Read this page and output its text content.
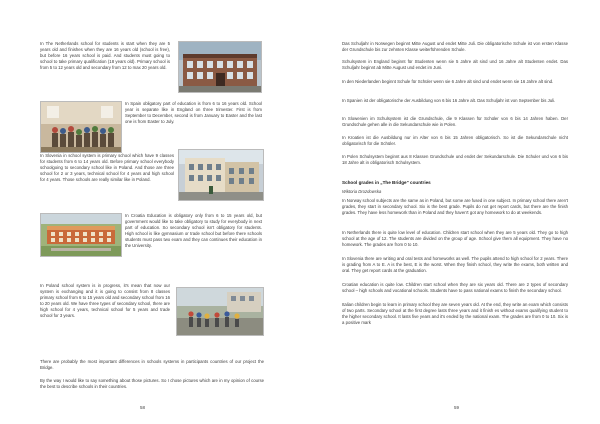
In The Netherlands school for students is start when they are 5 years old and finishes when they are 16 years old (school is free), but before 16 years school is paid. And students must going to school to take primary qualification (18 years old). Primary school is from 5 to 12 years old and secondary from 12 to max 20 years old.

In Spain obligatory part of education is from 6 to 16 years old. School year is separate like in England on three trimester. First is from September to December, second is from January to Easter and the last one is from Easter to July.

In Slovenia in school system is primary school which have 9 classes for students from 6 to 14 years old. Before primary school everybody schoolgoing to secondary school like in Poland. And those are three school for 2 or 3 years, technical school for 4 years and high school for 4 years. Those schools are really similar like in Poland.

In Croatia Education is obligatory only from 6 to 15 years old, but government would like to take obligatory to study for everybody in next part of education. So secondary school isn't obligatory for students. High school is like gymnasium or trade school but before there schools students must pass two exam and they can continues their education in the University.

In Poland school system is in progress, it's mean that now our system is exchanging and it is going to consist from 8 classes primary school from 6 to 15 years old and secondary school from 16 to 20 years old. We have three types of secondary school, there are high school for 4 years, technical school for 5 years and trade school for 3 years.

There are probably the most important differences in schools systems in participants countries of our project the Bridge.

By the way I would like to say something about those pictures. So I chose pictures which are in my opinion of course the best to describe schools in their countries.

58

Das Schuljahr in Norwegen beginnt Mitte August und endet Mitte Juli. Die obligatorische Schule ist von ersten Klasse der Grundschule bis zur zehnten Klasse weiterführenden Schule.

Schulsystem in England beginnt für Studenten wenn sie 5 Jahre alt sind und 16 Jahre alt Studenten endet. Das Schuljahr beginnt ab Mitte August und endet im Juni.

In den Niederlanden beginnt Schule für Schüler wenn sie 6 Jahre alt sind und endet wenn sie 16 Jahre alt sind.

In Spanien ist der obligatorische der Ausbildung von 6 bis 16 Jahre alt. Das Schuljahr ist von September bis Juli.

In Slowenien im Schulsystem ist die Grundschule, die 9 Klassen für Schüler von 6 bis 14 Jahren haben. Der Grundschule gehen alle in die Sekundarschule wie in Polen.

In Kroatien ist die Ausbildung nur im Alter von 6 bis 15 Jahren obligatorisch. So ist die Sekundarschule nicht obligatorisch für die Schüler.

In Polen Schulsystem beginnt aus 8 Klassen Grundschule und endet der Sekundarschule. Die Schuler und von 6 bis 18 Jahre alt in obligatorisch Schulsystem.

School grades in „The Bridge" countries

Wiktoria Drozdowska

In Norway school subjects are the same as in Poland, but some are fused in one subject. In primary school there aren't grades, they start in secondary school. Six is the best grade. Pupils do not get report cards, but there are the finish grades. They have less homework than in Poland and they haven't got any homework to do at weekends.

In Netherlands there is quite low level of education. Children start school when they are 5 years old. They go to high school at the age of 12. The students are divided on the group of age. School give them all equipment. They have no homework. The grades are from 0 to 10.

In Slovenia there are writing and oral tests and homeworks as well. The pupils attend to high school for 2 years. There is grading from A to E. A is the best, E is the worst. When they finish school, they write the exams, both written and oral. They get report cards at the graduation.

Croatian education is quite low. Children start school when they are six years old. There are 2 types of secondary school – high schools and vocational schools. Students have to pass national exams to finish the secondary school.

Italian children begin to learn in primary school they are seven years old. At the end, they write an exam which consists of two parts. Secondary school at the first degree lasts three years and it finish es without exams qualifying student to the higher secondary school. It lasts five years and it's ended by the national exam. The grades are from 0 to 10. Six is a positive mark

59
